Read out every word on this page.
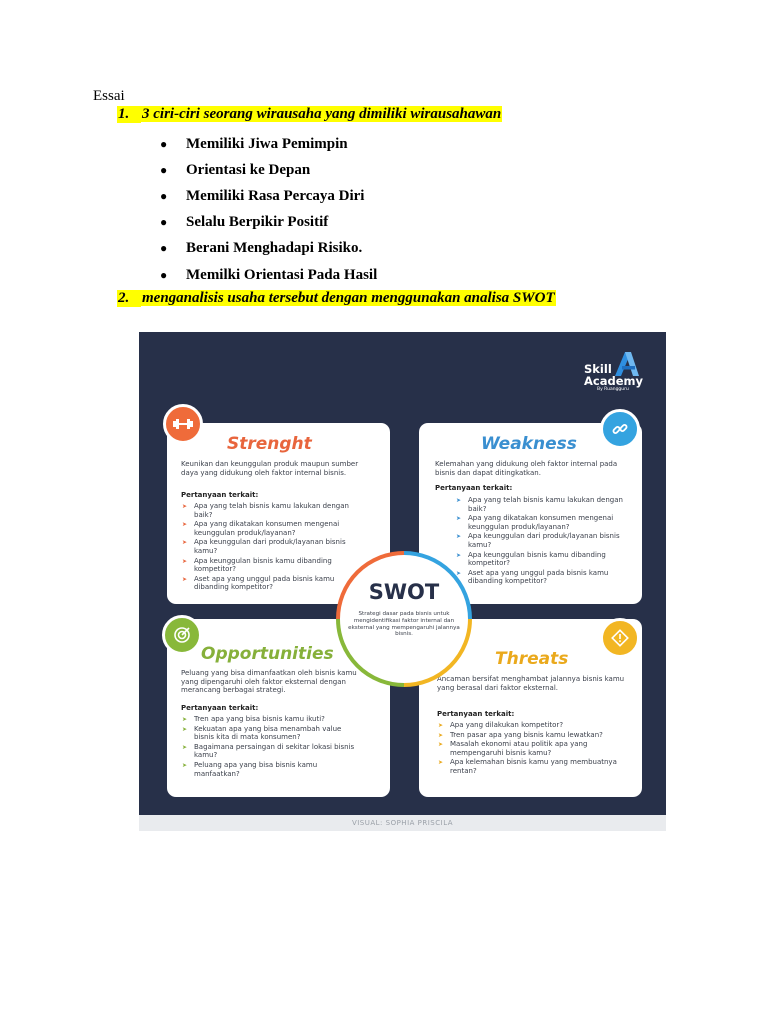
Essai
1. 3 ciri-ciri seorang wirausaha yang dimiliki wirausahawan
●	Memiliki Jiwa Pemimpin
●	Orientasi ke Depan
●	Memiliki Rasa Percaya Diri
●	Selalu Berpikir Positif
●	Berani Menghadapi Risiko.
●	Memilki Orientasi Pada Hasil
2. menganalisis usaha tersebut dengan menggunakan analisa SWOT
Skill
Academy
By Ruangguru
Strenght
Keunikan dan keunggulan produk maupun sumber daya yang didukung oleh faktor internal bisnis.
Pertanyaan terkait:
➤ Apa yang telah bisnis kamu lakukan dengan baik?
➤ Apa yang dikatakan konsumen mengenai keunggulan produk/layanan?
➤ Apa keunggulan dari produk/layanan bisnis kamu?
➤ Apa keunggulan bisnis kamu dibanding kompetitor?
➤ Aset apa yang unggul pada bisnis kamu dibanding kompetitor?
Weakness
Kelemahan yang didukung oleh faktor internal pada bisnis dan dapat ditingkatkan.
Pertanyaan terkait:
➤ Apa yang telah bisnis kamu lakukan dengan baik?
➤ Apa yang dikatakan konsumen mengenai keunggulan produk/layanan?
➤ Apa keunggulan dari produk/layanan bisnis kamu?
➤ Apa keunggulan bisnis kamu dibanding kompetitor?
➤ Aset apa yang unggul pada bisnis kamu dibanding kompetitor?
Opportunities
Peluang yang bisa dimanfaatkan oleh bisnis kamu yang dipengaruhi oleh faktor eksternal dengan merancang berbagai strategi.
Pertanyaan terkait:
➤ Tren apa yang bisa bisnis kamu ikuti?
➤ Kekuatan apa yang bisa menambah value bisnis kita di mata konsumen?
➤ Bagaimana persaingan di sekitar lokasi bisnis kamu?
➤ Peluang apa yang bisa bisnis kamu manfaatkan?
Threats
Ancaman bersifat menghambat jalannya bisnis kamu yang berasal dari faktor eksternal.
Pertanyaan terkait:
➤ Apa yang dilakukan kompetitor?
➤ Tren pasar apa yang bisnis kamu lewatkan?
➤ Masalah ekonomi atau politik apa yang mempengaruhi bisnis kamu?
➤ Apa kelemahan bisnis kamu yang membuatnya rentan?
SWOT
Strategi dasar pada bisnis untuk mengidentifikasi faktor internal dan eksternal yang mempengaruhi jalannya bisnis.
VISUAL: SOPHIA PRISCILA
